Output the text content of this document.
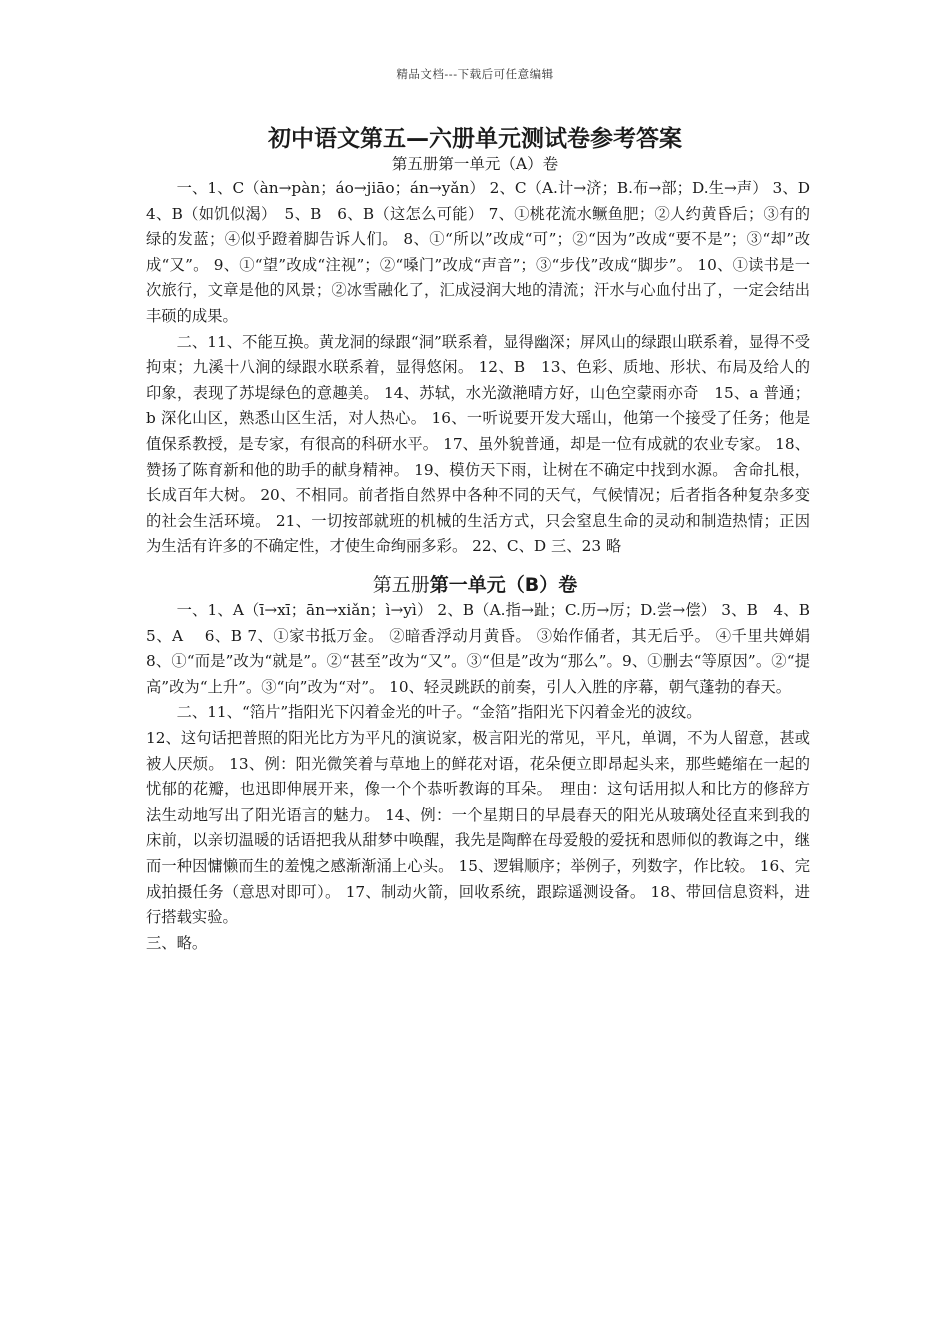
精品文档---下载后可任意编辑
初中语文第五—六册单元测试卷参考答案
第五册第一单元（A）卷

一、1、C（àn→pàn；áo→jiāo；án→yǎn） 2、C（A.计→济；B.布→部；D.生→声） 3、D　 4、B（如饥似渴）　5、B　6、B（这怎么可能） 7、①桃花流水鳜鱼肥；②人约黄昏后；③有的绿的发蓝；④似乎蹬着脚告诉人们。 8、①“所以”改成“可”；②“因为”改成“要不是”；③“却”改成“又”。 9、①“望”改成“注视”；②“嗓门”改成“声音”；③“步伐”改成“脚步”。 10、①读书是一次旅行，文章是他的风景；②冰雪融化了，汇成浸润大地的清流；汗水与心血付出了，一定会结出丰硕的成果。

二、11、不能互换。黄龙洞的绿跟“洞”联系着，显得幽深；屏风山的绿跟山联系着，显得不受拘束；九溪十八涧的绿跟水联系着，显得悠闲。 12、B　13、色彩、质地、形状、布局及给人的印象，表现了苏堤绿色的意趣美。 14、苏轼，水光潋滟晴方好，山色空蒙雨亦奇　15、a 普通；b 深化山区，熟悉山区生活，对人热心。 16、一听说要开发大瑶山，他第一个接受了任务；他是值保系教授，是专家，有很高的科研水平。 17、虽外貌普通，却是一位有成就的农业专家。 18、赞扬了陈育新和他的助手的献身精神。 19、模仿天下雨，让树在不确定中找到水源。 舍命扎根，长成百年大树。 20、不相同。前者指自然界中各种不同的天气，气候情况；后者指各种复杂多变的社会生活环境。 21、一切按部就班的机械的生活方式，只会窒息生命的灵动和制造热情；正因为生活有许多的不确定性，才使生命绚丽多彩。 22、C、D 三、23 略

第五册第一单元（B）卷

一、1、A（ī→xī；ān→xiǎn；ì→yì） 2、B（A.指→趾；C.历→厉；D.尝→偿） 3、B　4、B　5、A　 6、B 7、①家书抵万金。 ②暗香浮动月黄昏。 ③始作俑者，其无后乎。 ④千里共婵娟 8、①“而是”改为“就是”。②“甚至”改为“又”。③“但是”改为“那么”。9、①删去“等原因”。②“提高”改为“上升”。③“向”改为“对”。 10、轻灵跳跃的前奏，引人入胜的序幕，朝气蓬勃的春天。

二、11、“箔片”指阳光下闪着金光的叶子。“金箔”指阳光下闪着金光的波纹。

12、这句话把普照的阳光比方为平凡的演说家，极言阳光的常见，平凡，单调，不为人留意，甚或被人厌烦。 13、例：阳光微笑着与草地上的鲜花对语，花朵便立即昂起头来，那些蜷缩在一起的忧郁的花瓣，也迅即伸展开来，像一个个恭听教诲的耳朵。　理由：这句话用拟人和比方的修辞方法生动地写出了阳光语言的魅力。 14、例：一个星期日的早晨春天的阳光从玻璃处径直来到我的床前，以亲切温暖的话语把我从甜梦中唤醒，我先是陶醉在母爱般的爱抚和恩师似的教诲之中，继而一种因慵懒而生的羞愧之感渐渐涌上心头。 15、逻辑顺序；举例子，列数字，作比较。 16、完成拍摄任务（意思对即可）。 17、制动火箭，回收系统，跟踪遥测设备。 18、带回信息资料，进行搭载实验。

三、略。
